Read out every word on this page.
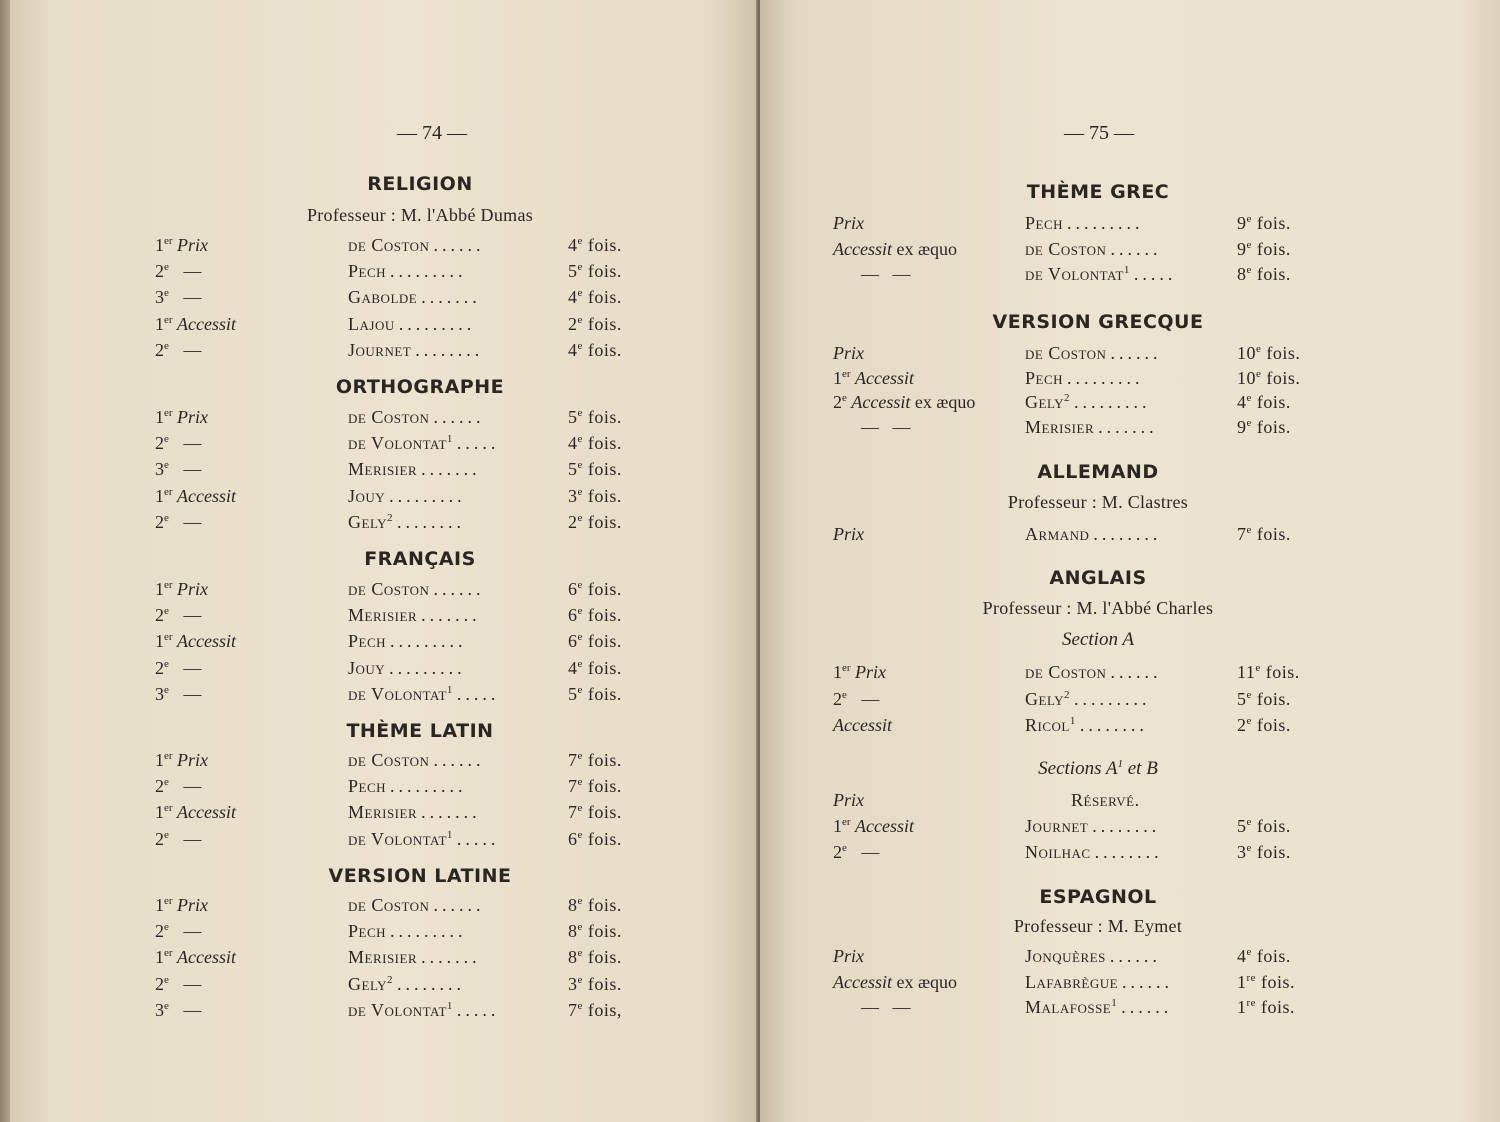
— 74 —
RELIGION
Professeur : M. l'Abbé Dumas
1er Prix	de Coston ......	4e fois.
2e —	Pech .........	5e fois.
3e —	Gabolde .......	4e fois.
1er Accessit	Lajou .........	2e fois.
2e —	Journet ........	4e fois.
ORTHOGRAPHE
1er Prix	de Coston ......	5e fois.
2e —	de Volontat$^1$ .....	4e fois.
3e —	Merisier .......	5e fois.
1er Accessit	Jouy .........	3e fois.
2e —	Gely$^2$ ........	2e fois.
FRANÇAIS
1er Prix	de Coston ......	6e fois.
2e —	Merisier .......	6e fois.
1er Accessit	Pech .........	6e fois.
2e —	Jouy .........	4e fois.
3e —	de Volontat$^1$ .....	5e fois.
THÈME LATIN
1er Prix	de Coston ......	7e fois.
2e —	Pech .........	7e fois.
1er Accessit	Merisier .......	7e fois.
2e —	de Volontat$^1$ .....	6e fois.
VERSION LATINE
1er Prix	de Coston ......	8e fois.
2e —	Pech .........	8e fois.
1er Accessit	Merisier .......	8e fois.
2e —	Gely$^2$ ........	3e fois.
3e —	de Volontat$^1$ .....	7e fois,
— 75 —
THÈME GREC
Prix	Pech .........	9e fois.
Accessit ex æquo	de Coston ......	9e fois.
—   —	de Volontat$^1$ .....	8e fois.
VERSION GRECQUE
Prix	de Coston ......	10e fois.
1er Accessit	Pech .........	10e fois.
2e Accessit ex æquo	Gely$^2$ .........	4e fois.
—   —	Merisier .......	9e fois.
ALLEMAND
Professeur : M. Clastres
Prix	Armand ........	7e fois.
ANGLAIS
Professeur : M. l'Abbé Charles
Section A
1er Prix	de Coston ......	11e fois.
2e —	Gely$^2$ .........	5e fois.
Accessit	Ricol$^1$ ........	2e fois.
Sections $A^1$ et B
Prix	Réservé.
1er Accessit	Journet ........	5e fois.
2e —	Noilhac ........	3e fois.
ESPAGNOL
Professeur : M. Eymet
Prix	Jonquères ......	4e fois.
Accessit ex æquo	Lafabrègue ......	1re fois.
—   —	Malafosse$^1$ ......	1re fois.
